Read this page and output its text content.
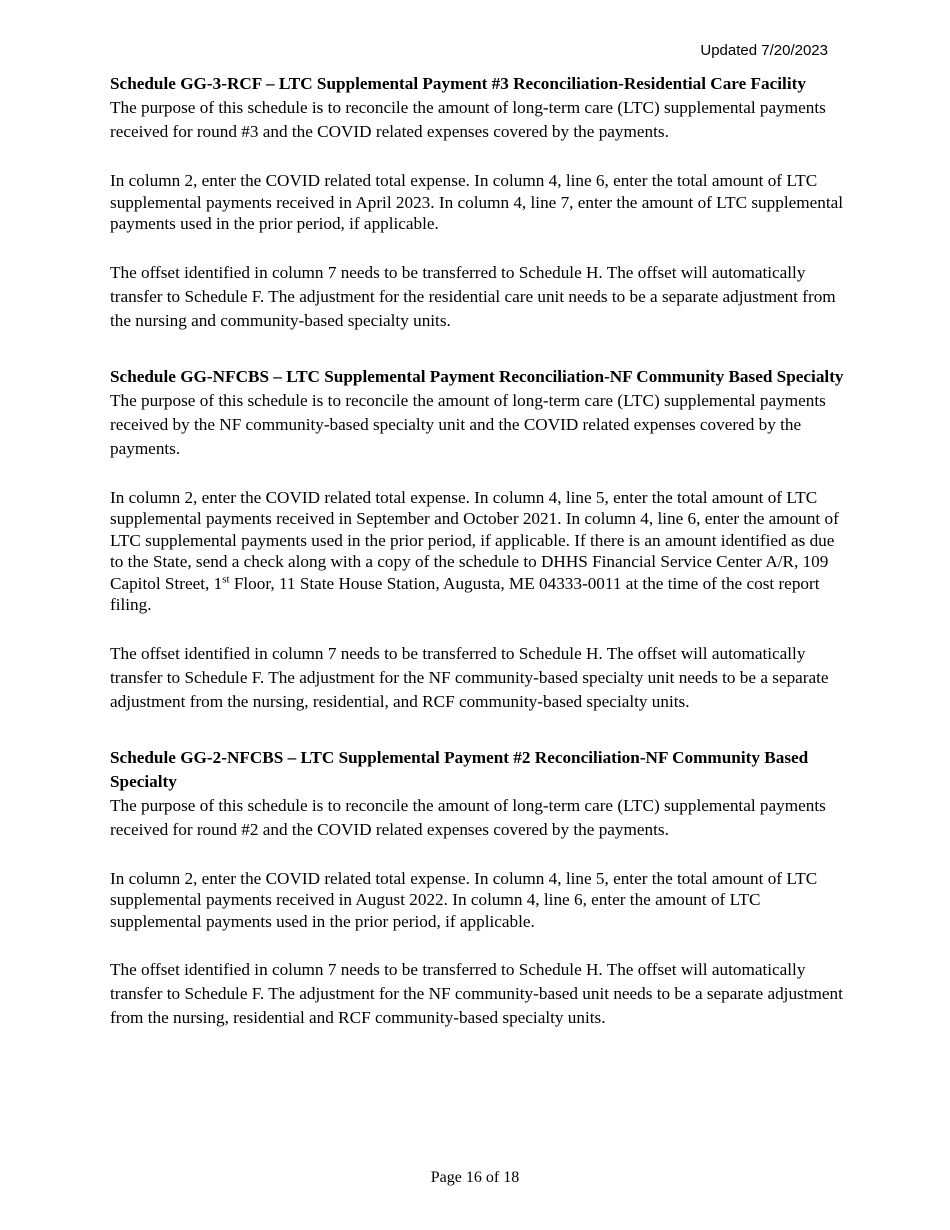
Updated 7/20/2023
Schedule GG-3-RCF – LTC Supplemental Payment #3 Reconciliation-Residential Care Facility

The purpose of this schedule is to reconcile the amount of long-term care (LTC) supplemental payments received for round #3 and the COVID related expenses covered by the payments.

In column 2, enter the COVID related total expense. In column 4, line 6, enter the total amount of LTC supplemental payments received in April 2023. In column 4, line 7, enter the amount of LTC supplemental payments used in the prior period, if applicable.

The offset identified in column 7 needs to be transferred to Schedule H. The offset will automatically transfer to Schedule F. The adjustment for the residential care unit needs to be a separate adjustment from the nursing and community-based specialty units.

Schedule GG-NFCBS – LTC Supplemental Payment Reconciliation-NF Community Based Specialty

The purpose of this schedule is to reconcile the amount of long-term care (LTC) supplemental payments received by the NF community-based specialty unit and the COVID related expenses covered by the payments.

In column 2, enter the COVID related total expense. In column 4, line 5, enter the total amount of LTC supplemental payments received in September and October 2021. In column 4, line 6, enter the amount of LTC supplemental payments used in the prior period, if applicable. If there is an amount identified as due to the State, send a check along with a copy of the schedule to DHHS Financial Service Center A/R, 109 Capitol Street, 1st Floor, 11 State House Station, Augusta, ME 04333-0011 at the time of the cost report filing.

The offset identified in column 7 needs to be transferred to Schedule H. The offset will automatically transfer to Schedule F. The adjustment for the NF community-based specialty unit needs to be a separate adjustment from the nursing, residential, and RCF community-based specialty units.

Schedule GG-2-NFCBS – LTC Supplemental Payment #2 Reconciliation-NF Community Based Specialty

The purpose of this schedule is to reconcile the amount of long-term care (LTC) supplemental payments received for round #2 and the COVID related expenses covered by the payments.

In column 2, enter the COVID related total expense. In column 4, line 5, enter the total amount of LTC supplemental payments received in August 2022. In column 4, line 6, enter the amount of LTC supplemental payments used in the prior period, if applicable.

The offset identified in column 7 needs to be transferred to Schedule H. The offset will automatically transfer to Schedule F. The adjustment for the NF community-based unit needs to be a separate adjustment from the nursing, residential and RCF community-based specialty units.

Page 16 of 18
